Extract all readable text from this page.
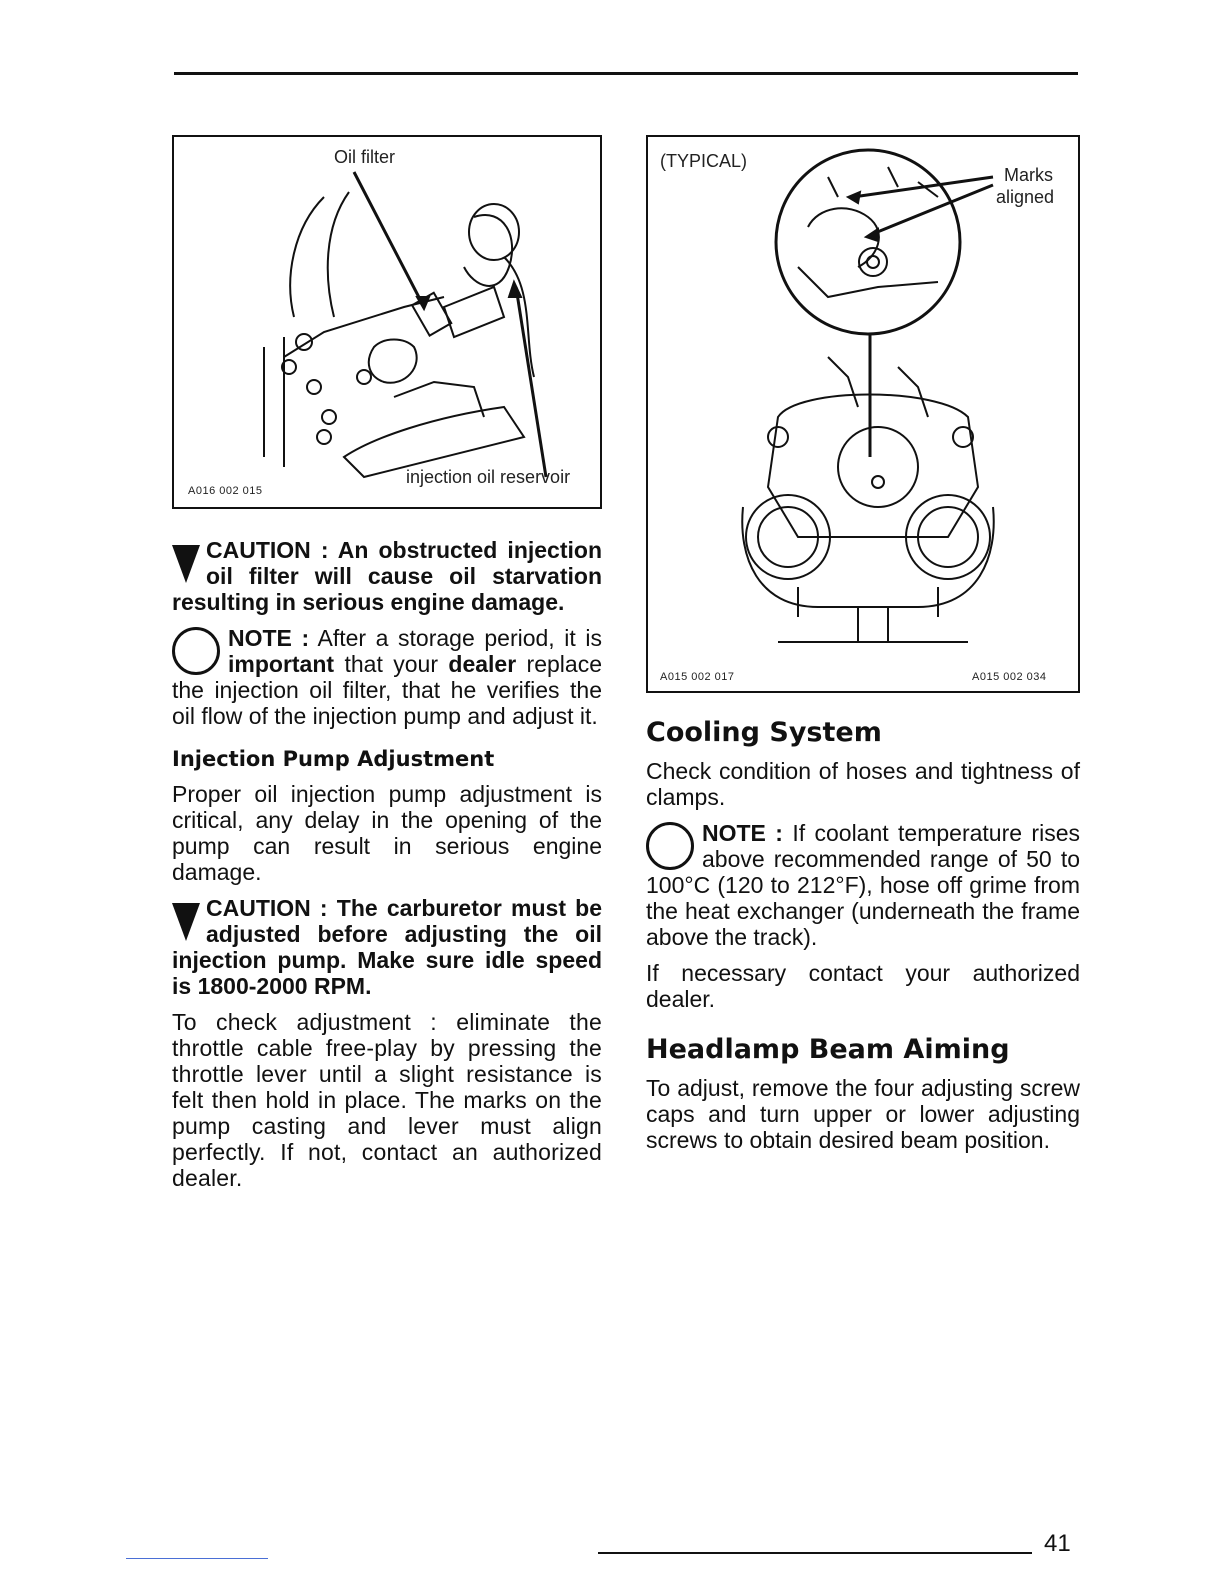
Oil filter
injection oil reservoir
A016 002 015

CAUTION : An obstructed injection oil filter will cause oil starvation resulting in serious engine damage.

NOTE : After a storage period, it is important that your dealer replace the injection oil filter, that he verifies the oil flow of the injection pump and adjust it.

Injection Pump Adjustment

Proper oil injection pump adjustment is critical, any delay in the opening of the pump can result in serious engine damage.

CAUTION : The carburetor must be adjusted before adjusting the oil injection pump. Make sure idle speed is 1800-2000 RPM.

To check adjustment : eliminate the throttle cable free-play by pressing the throttle lever until a slight resistance is felt then hold in place. The marks on the pump casting and lever must align perfectly. If not, contact an authorized dealer.

(TYPICAL)
Marks
aligned
A015 002 017	A015 002 034
Cooling System

Check condition of hoses and tightness of clamps.

NOTE : If coolant temperature rises above recommended range of 50 to 100°C (120 to 212°F), hose off grime from the heat exchanger (underneath the frame above the track).

If necessary contact your authorized dealer.

Headlamp Beam Aiming

To adjust, remove the four adjusting screw caps and turn upper or lower adjusting screws to obtain desired beam position.

41
